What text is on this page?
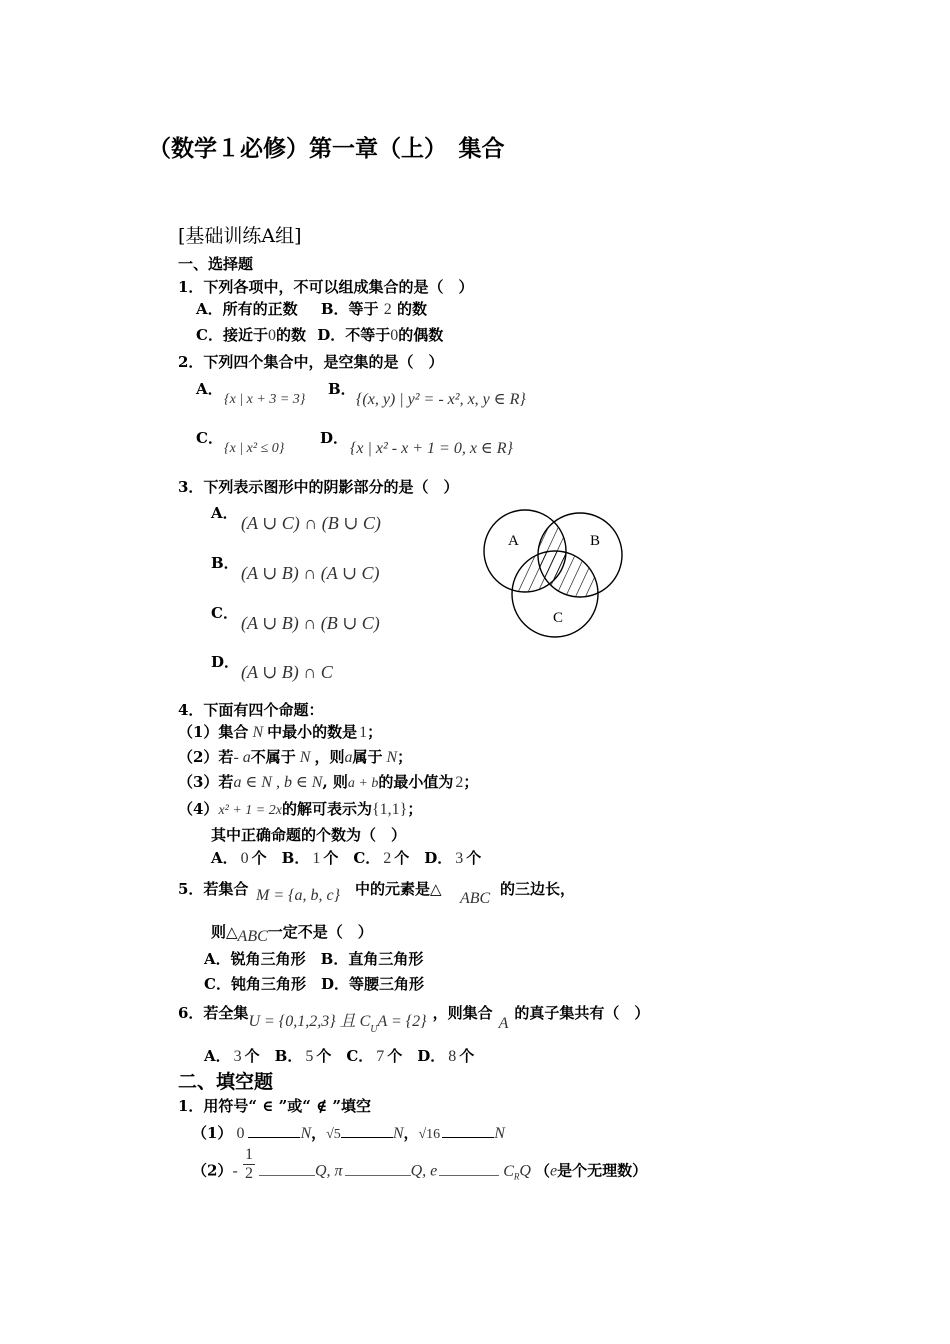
（数学１必修）第一章（上）　集合
[基础训练A组]
一、选择题
1．下列各项中，不可以组成集合的是（　）
A．所有的正数 B．等于 2 的数
C．接近于0的数 D．不等于0的偶数
2．下列四个集合中，是空集的是（　）
A．
{x | x + 3 = 3}
B．
{(x, y) | y² = - x², x, y ∈ R}
C．
{x | x² ≤ 0}
D．
{x | x² - x + 1 = 0, x ∈ R}
3．下列表示图形中的阴影部分的是（　）
A． (A ∪ C) ∩ (B ∪ C)
B． (A ∪ B) ∩ (A ∪ C)
C． (A ∪ B) ∩ (B ∪ C)
D． (A ∪ B) ∩ C
A	B
C
4．下面有四个命题：
（1）集合 N 中最小的数是 1；
（2）若- a不属于 N ，则a属于 N；
（3）若a ∈ N , b ∈ N, 则a + b的最小值为 2；
（4）x² + 1 = 2x的解可表示为{1,1}；
其中正确命题的个数为（　）
A． 0 个　B． 1 个　C． 2 个　D． 3 个
5．若集合 M = {a, b, c} 中的元素是△
ABC
的三边长，
则△ABC一定不是（　）
A．锐角三角形　B．直角三角形
C．钝角三角形　D．等腰三角形
6．若全集U = {0,1,2,3} 且 $C_UA = \{2\}$ ，则集合A的真子集共有（　）
A． 3 个　B． 5 个　C． 7 个　D． 8 个
二、填空题
1．用符号“ ∈ ”或“ ∉ ”填空
（1） 0	N，√5	N，√16	N
$(2)- \frac{1}{2}$	Q, π	Q, e	$C_RQ$ （e是个无理数）
